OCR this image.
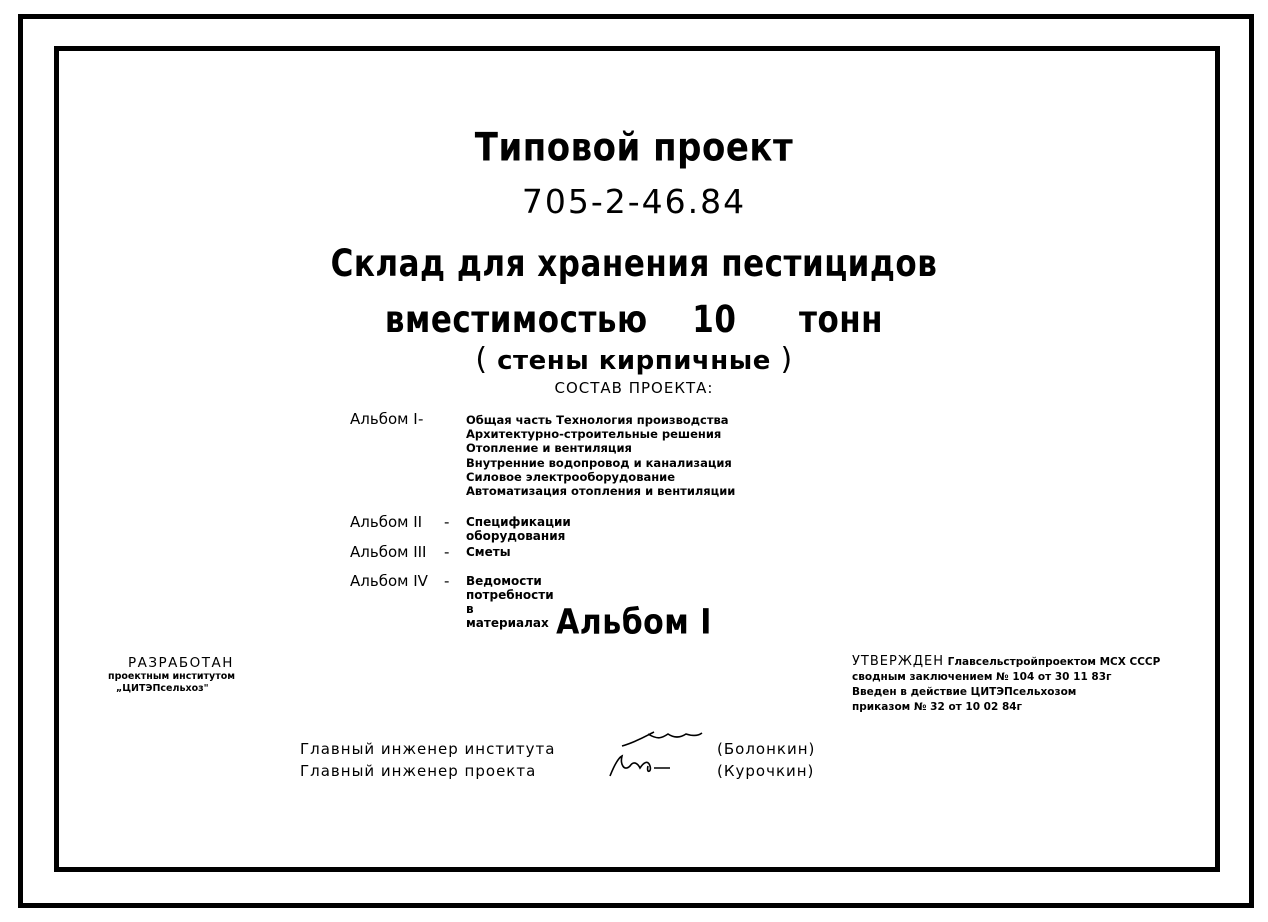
Типовой проект
705-2-46.84
Склад для хранения пестицидов
вместимостью 10 тонн
( стены кирпичные )
СОСТАВ ПРОЕКТА:
Альбом I -	Общая часть Технология производства
Архитектурно-строительные решения
Отопление и вентиляция
Внутренние водопровод и канализация
Силовое электрооборудование
Автоматизация отопления и вентиляции
Альбом II - Спецификации оборудования
Альбом III - Сметы
Альбом IV - Ведомости потребности в материалах Альбом I
РАЗРАБОТАН
проектным институтом
„ЦИТЭПсельхоз"
УТВЕРЖДЕН Главсельстройпроектом МСХ СССР
сводным заключением № 104 от 30 11 83г
Введен в действие ЦИТЭПсельхозом
приказом № 32 от 10 02 84г
Главный инженер института	(Болонкин)
Главный инженер проекта	(Курочкин)
